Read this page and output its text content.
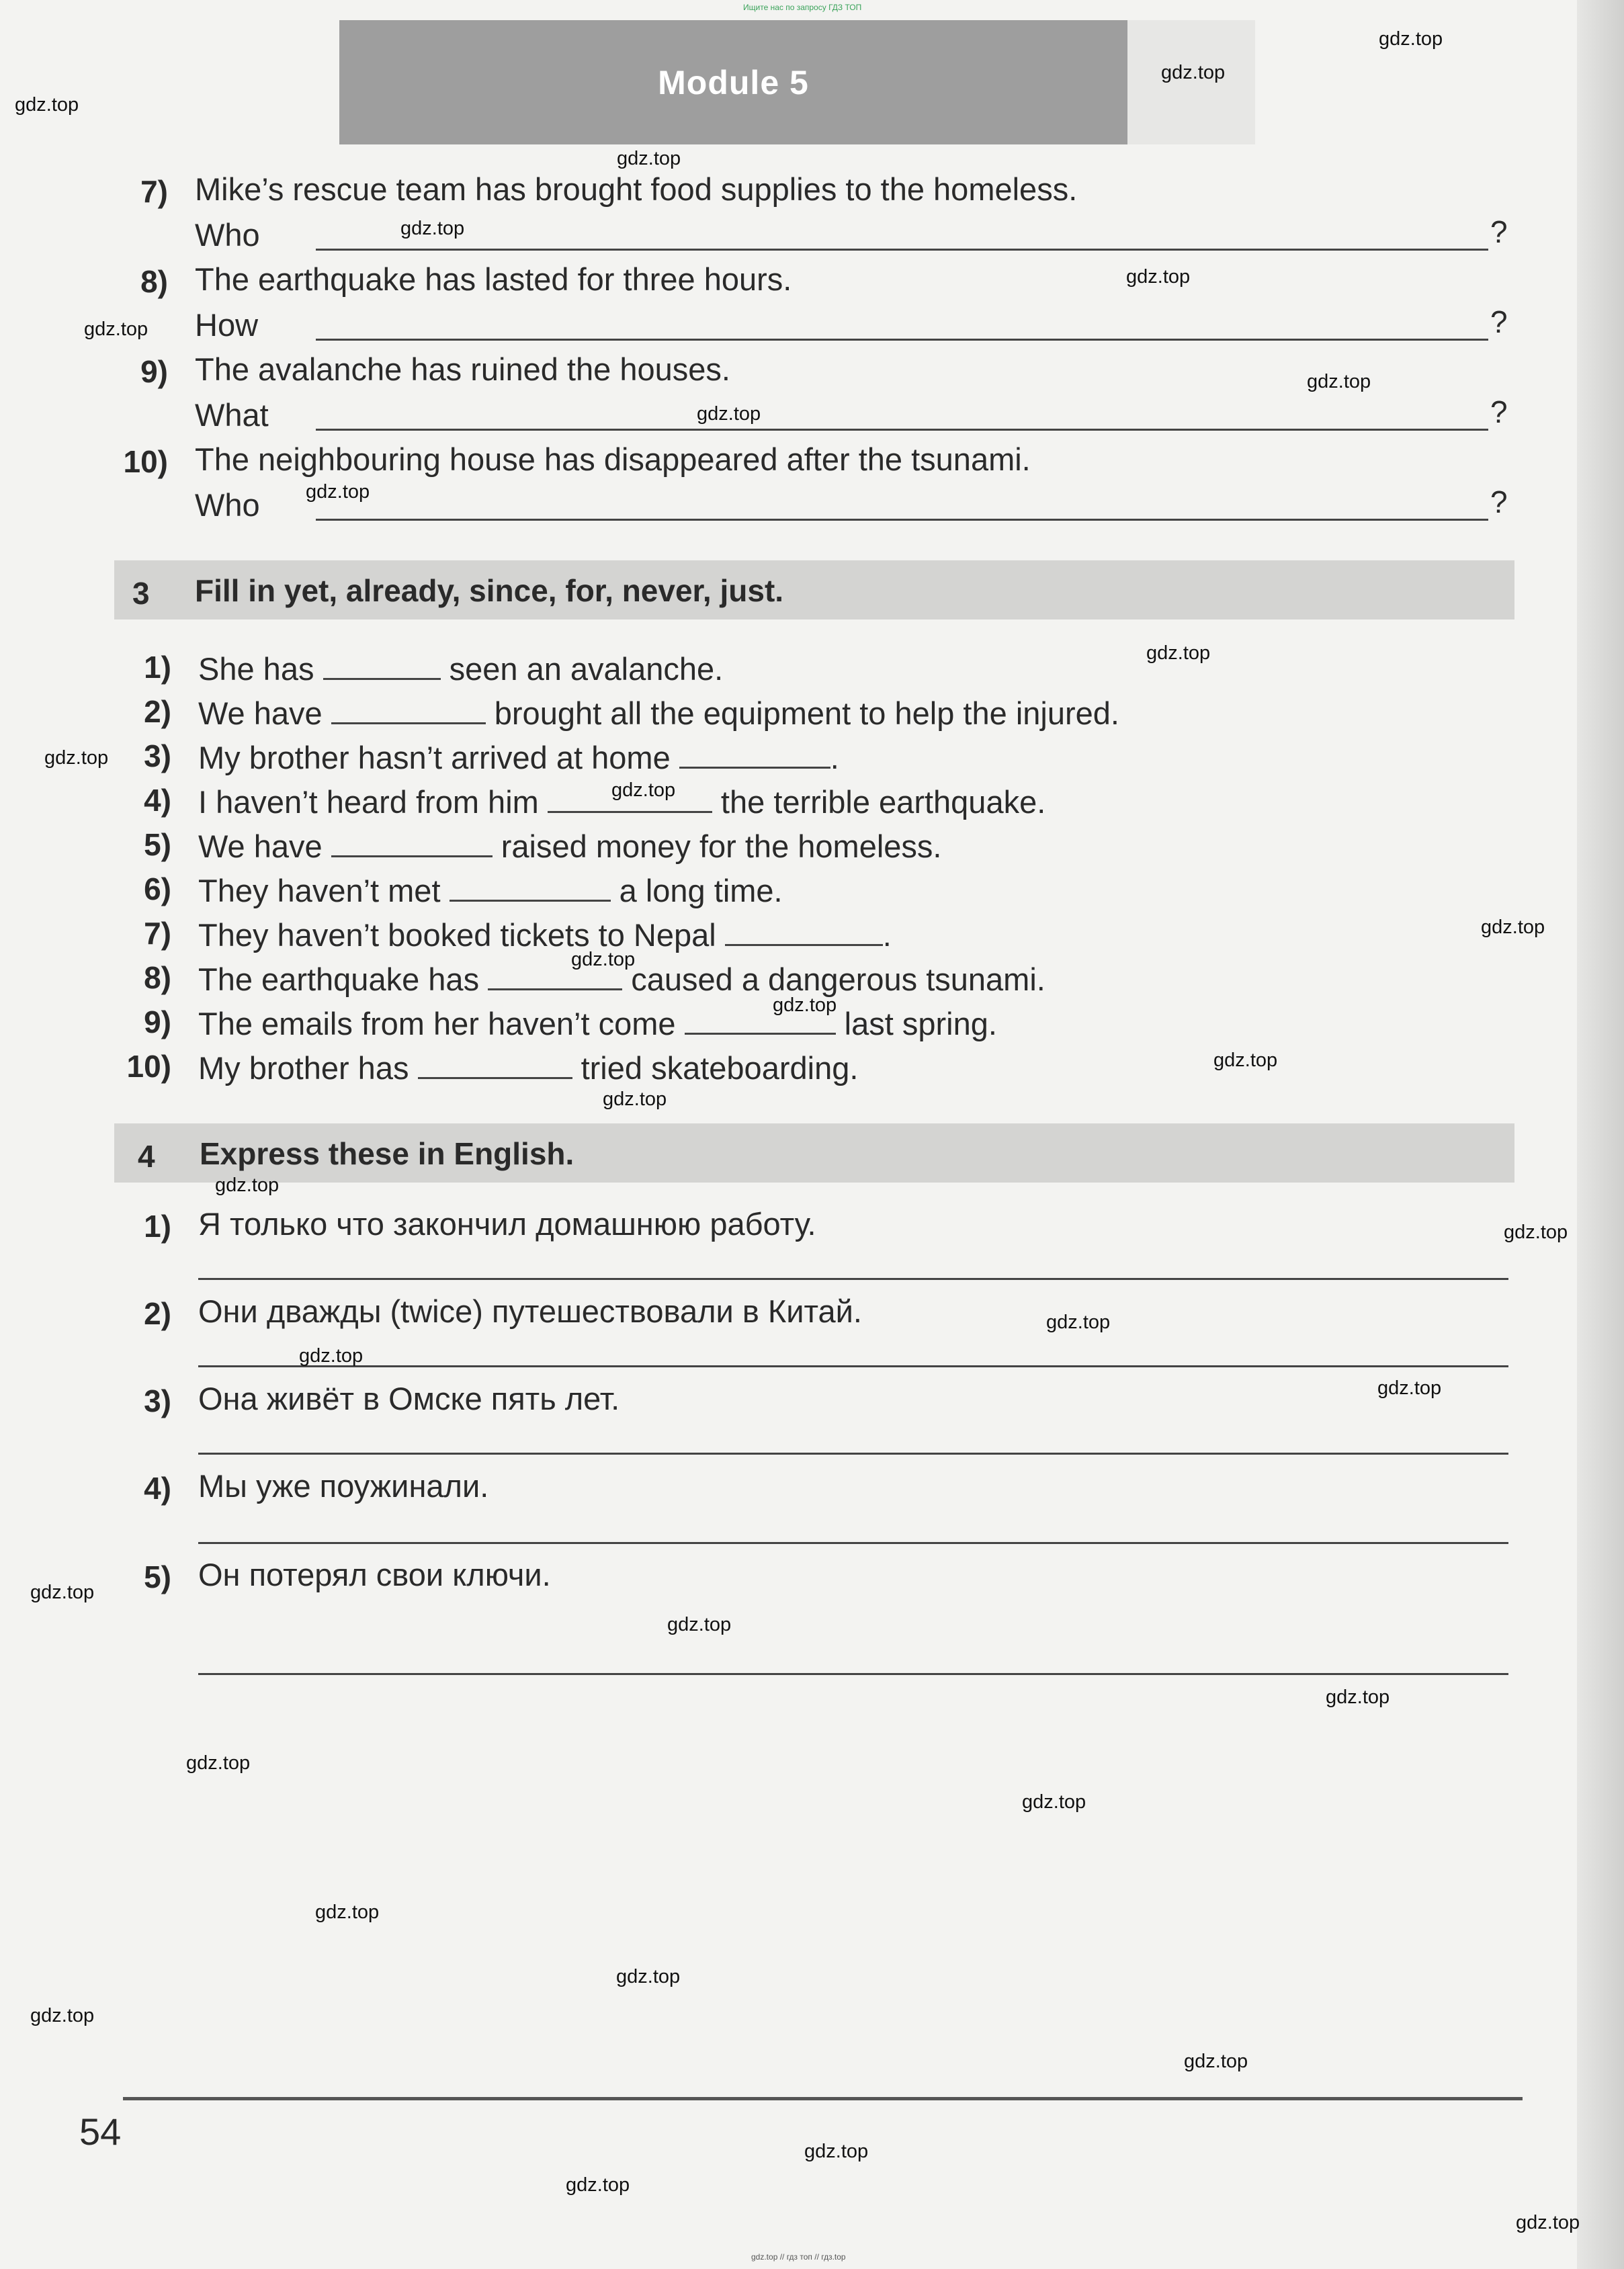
Ищите нас по запросу ГДЗ ТОП
Module 5
7) Mike’s rescue team has brought food supplies to the homeless.
Who	?
8) The earthquake has lasted for three hours.
How	?
9) The avalanche has ruined the houses.
What	?
10) The neighbouring house has disappeared after the tsunami.
Who	?
3 Fill in yet, already, since, for, never, just.
1) She has	seen an avalanche.
2) We have	brought all the equipment to help the injured.
3) My brother hasn’t arrived at home	.
4) I haven’t heard from him	the terrible earthquake.
5) We have	raised money for the homeless.
6) They haven’t met	a long time.
7) They haven’t booked tickets to Nepal	.
8) The earthquake has	caused a dangerous tsunami.
9) The emails from her haven’t come	last spring.
10) My brother has	tried skateboarding.
4 Express these in English.
1) Я только что закончил домашнюю работу.
2) Они дважды (twice) путешествовали в Китай.
3) Она живёт в Омске пять лет.
4) Мы уже поужинали.
5) Он потерял свои ключи.
54
gdz.top // гдз топ // гдз.top
gdz.top
gdz.top
gdz.top
gdz.top
gdz.top
gdz.top
gdz.top
gdz.top
gdz.top
gdz.top
gdz.top
gdz.top
gdz.top
gdz.top
gdz.top
gdz.top
gdz.top
gdz.top
gdz.top
gdz.top
gdz.top
gdz.top
gdz.top
gdz.top
gdz.top
gdz.top
gdz.top
gdz.top
gdz.top
gdz.top
gdz.top
gdz.top
gdz.top
gdz.top
gdz.top
